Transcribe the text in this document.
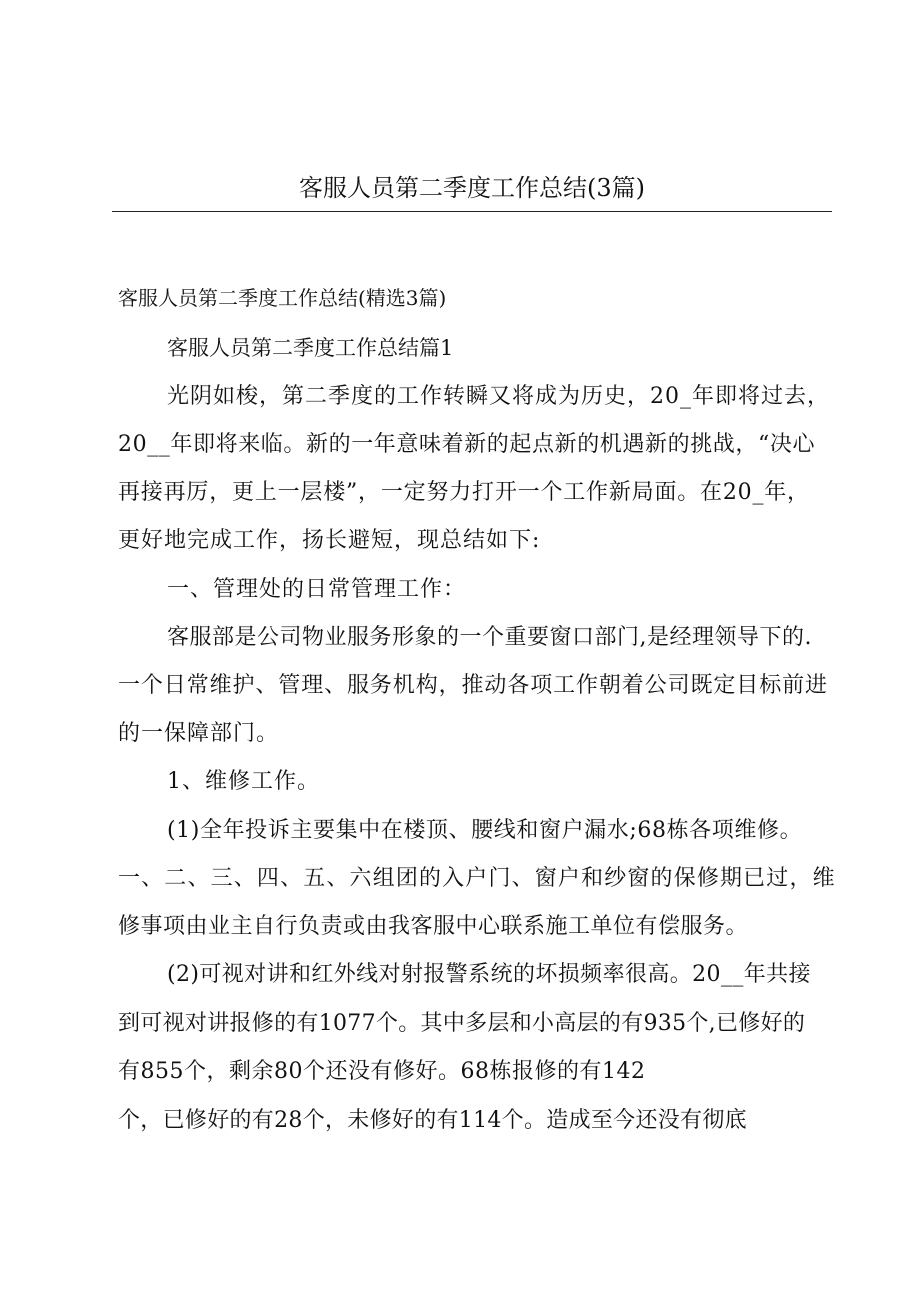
客服人员第二季度工作总结(3篇)
客服人员第二季度工作总结(精选3篇)
客服人员第二季度工作总结篇1
光阴如梭，第二季度的工作转瞬又将成为历史，20_年即将过去，
20__年即将来临。新的一年意味着新的起点新的机遇新的挑战，“决心
再接再厉，更上一层楼”，一定努力打开一个工作新局面。在20_年，
更好地完成工作，扬长避短，现总结如下:
一、管理处的日常管理工作：
客服部是公司物业服务形象的一个重要窗口部门,是经理领导下的.
一个日常维护、管理、服务机构，推动各项工作朝着公司既定目标前进
的一保障部门。
1、维修工作。
(1)全年投诉主要集中在楼顶、腰线和窗户漏水;68栋各项维修。
一、二、三、四、五、六组团的入户门、窗户和纱窗的保修期已过，维
修事项由业主自行负责或由我客服中心联系施工单位有偿服务。
(2)可视对讲和红外线对射报警系统的坏损频率很高。20__年共接
到可视对讲报修的有1077个。其中多层和小高层的有935个,已修好的
有855个，剩余80个还没有修好。68栋报修的有142
个，已修好的有28个，未修好的有114个。造成至今还没有彻底
